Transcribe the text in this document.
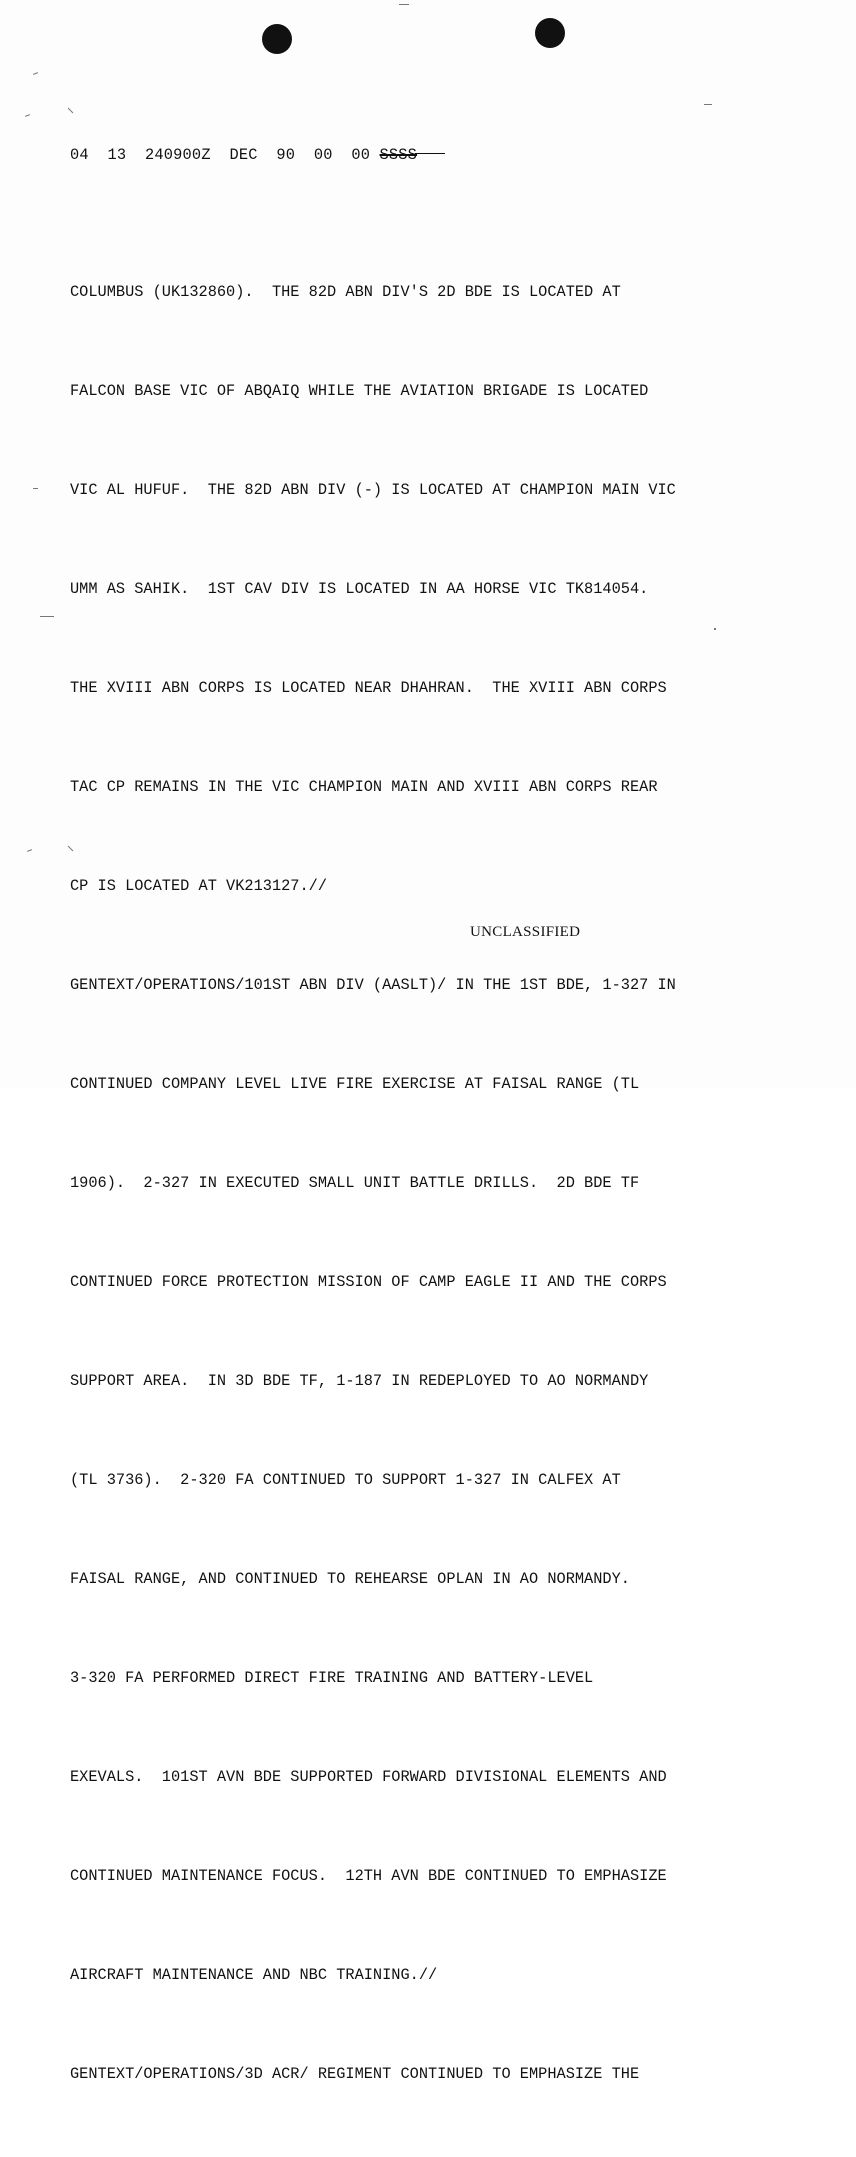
04  13  240900Z  DEC  90  00  00 SSSS

COLUMBUS (UK132860).  THE 82D ABN DIV'S 2D BDE IS LOCATED AT

FALCON BASE VIC OF ABQAIQ WHILE THE AVIATION BRIGADE IS LOCATED

VIC AL HUFUF.  THE 82D ABN DIV (-) IS LOCATED AT CHAMPION MAIN VIC

UMM AS SAHIK.  1ST CAV DIV IS LOCATED IN AA HORSE VIC TK814054.

THE XVIII ABN CORPS IS LOCATED NEAR DHAHRAN.  THE XVIII ABN CORPS

TAC CP REMAINS IN THE VIC CHAMPION MAIN AND XVIII ABN CORPS REAR

CP IS LOCATED AT VK213127.//

GENTEXT/OPERATIONS/101ST ABN DIV (AASLT)/ IN THE 1ST BDE, 1-327 IN

CONTINUED COMPANY LEVEL LIVE FIRE EXERCISE AT FAISAL RANGE (TL

1906).  2-327 IN EXECUTED SMALL UNIT BATTLE DRILLS.  2D BDE TF

CONTINUED FORCE PROTECTION MISSION OF CAMP EAGLE II AND THE CORPS

SUPPORT AREA.  IN 3D BDE TF, 1-187 IN REDEPLOYED TO AO NORMANDY

(TL 3736).  2-320 FA CONTINUED TO SUPPORT 1-327 IN CALFEX AT

FAISAL RANGE, AND CONTINUED TO REHEARSE OPLAN IN AO NORMANDY.

3-320 FA PERFORMED DIRECT FIRE TRAINING AND BATTERY-LEVEL

EXEVALS.  101ST AVN BDE SUPPORTED FORWARD DIVISIONAL ELEMENTS AND

CONTINUED MAINTENANCE FOCUS.  12TH AVN BDE CONTINUED TO EMPHASIZE

AIRCRAFT MAINTENANCE AND NBC TRAINING.//

GENTEXT/OPERATIONS/3D ACR/ REGIMENT CONTINUED TO EMPHASIZE THE

UNCLASSIFIED
